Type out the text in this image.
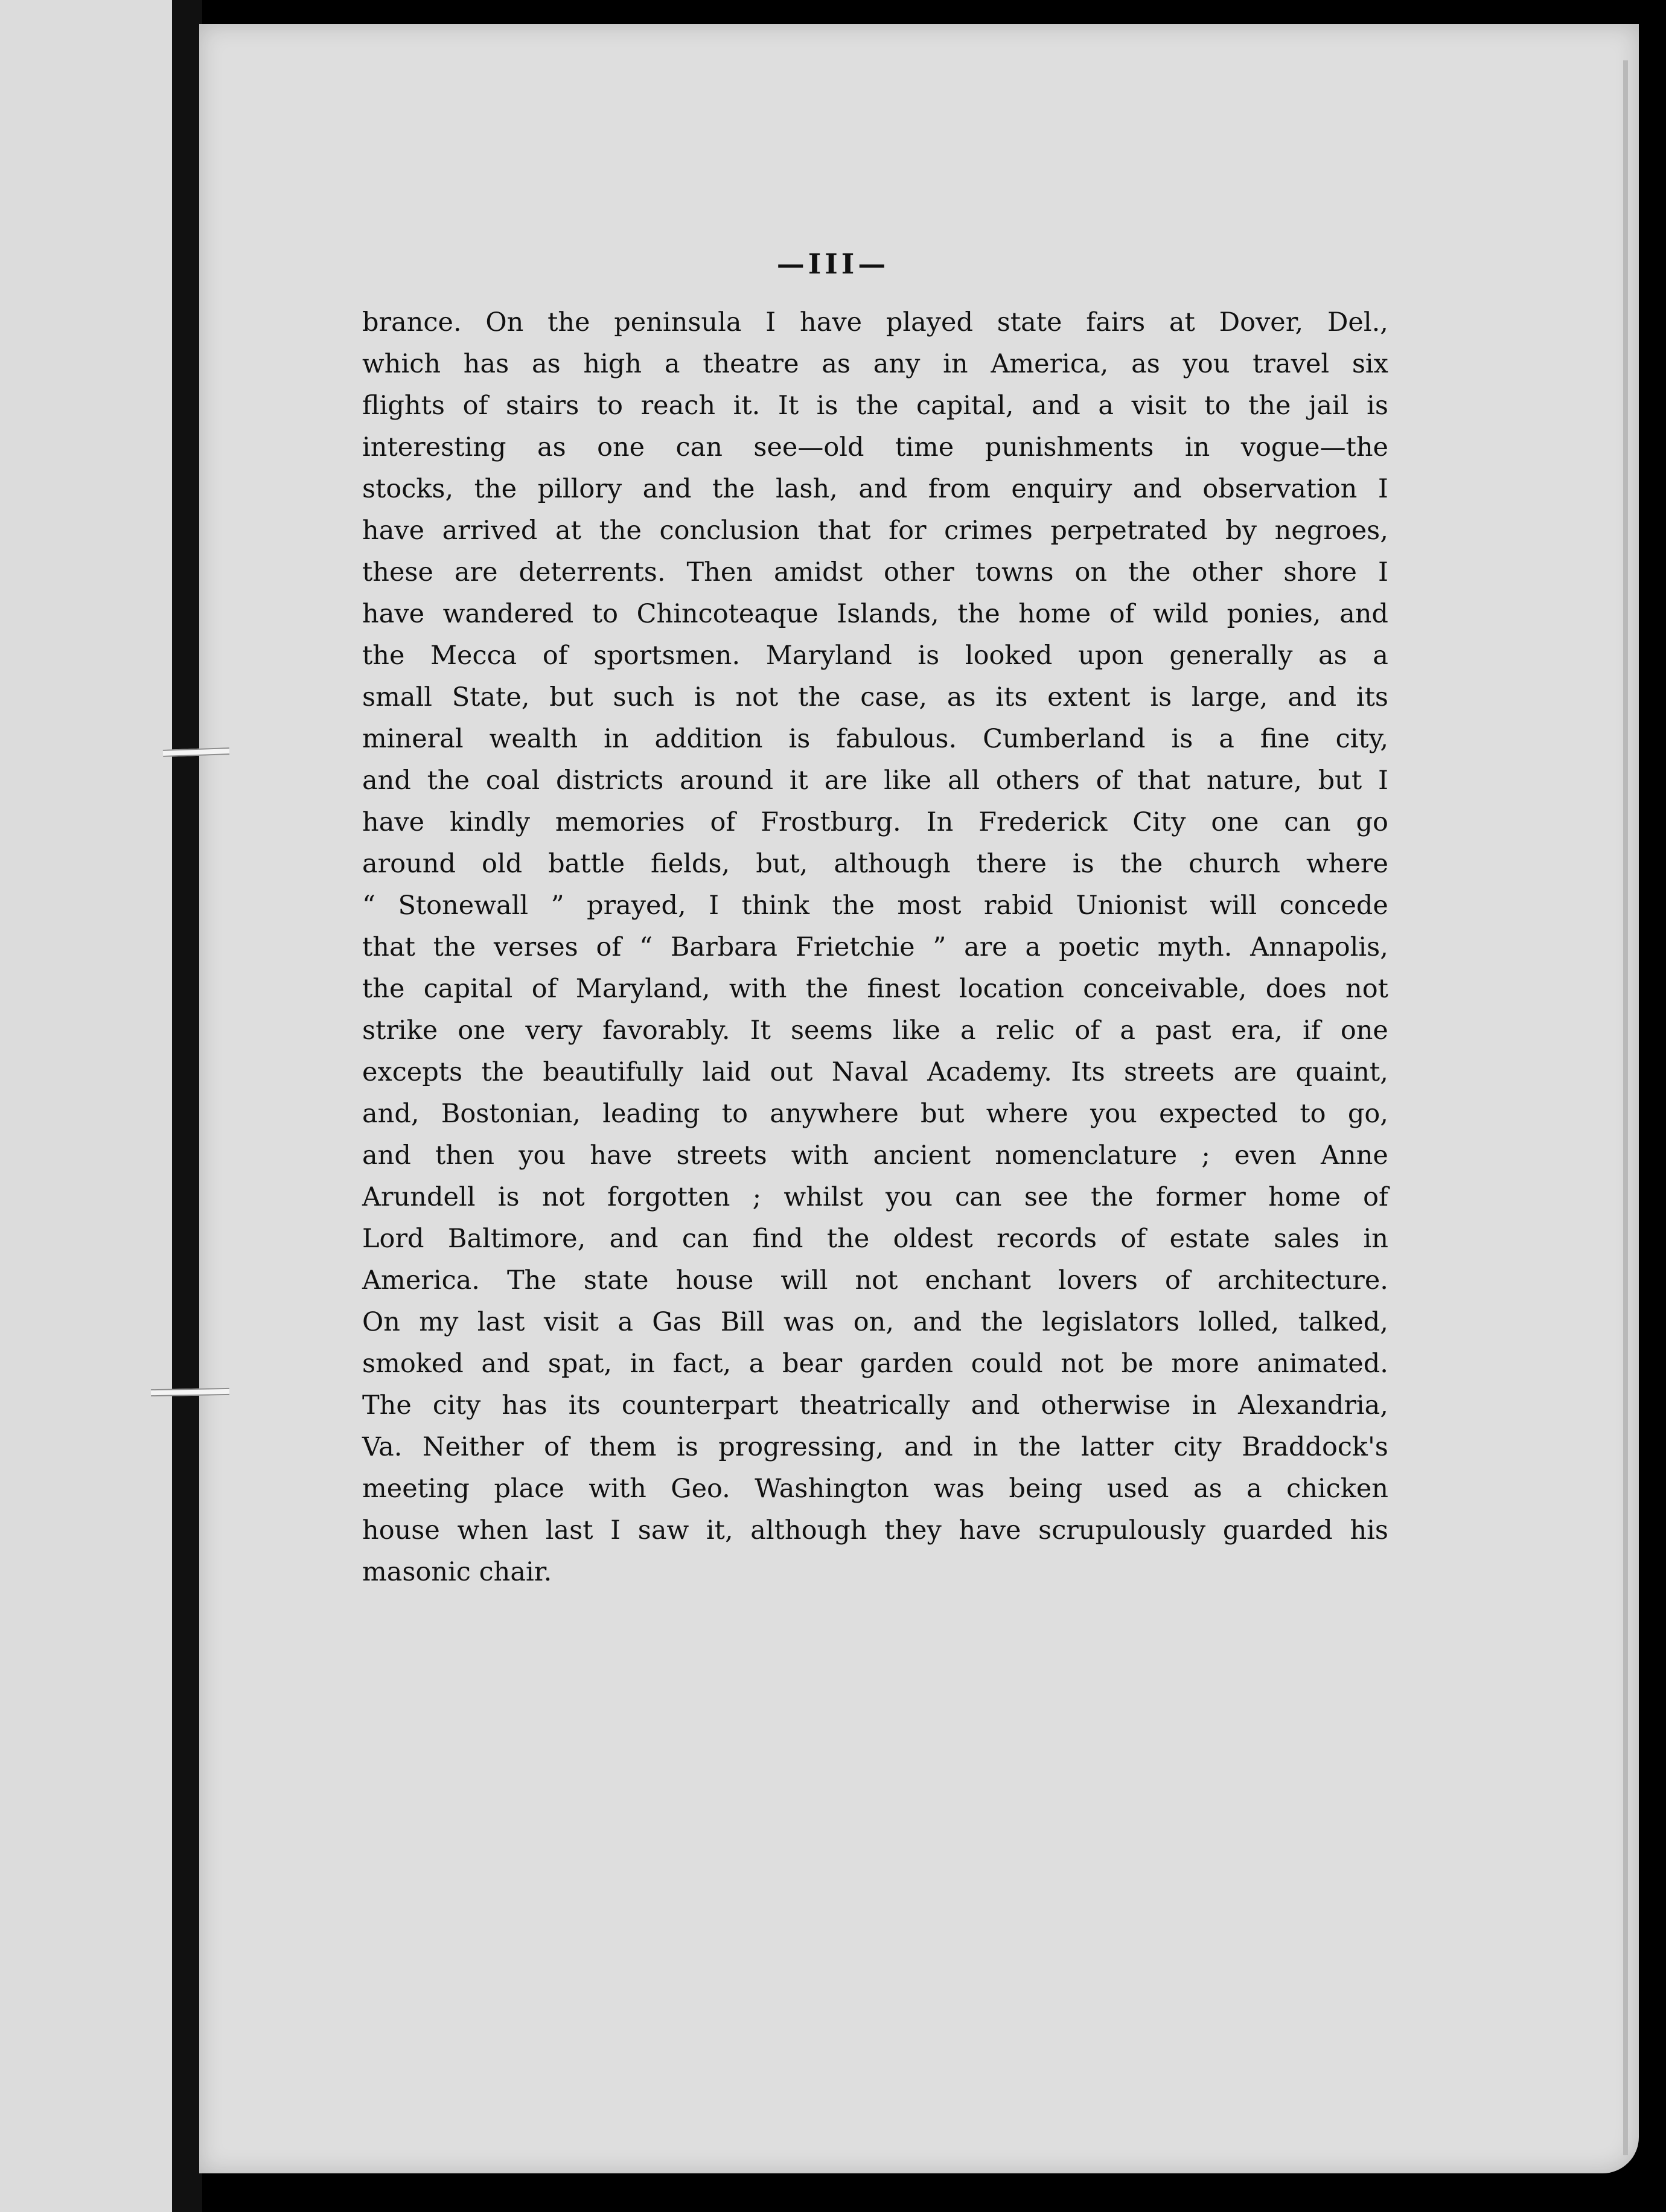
—III—
brance. On the peninsula I have played state fairs at Dover, Del.,
which has as high a theatre as any in America, as you travel six
flights of stairs to reach it. It is the capital, and a visit to the jail is
interesting as one can see—old time punishments in vogue—the
stocks, the pillory and the lash, and from enquiry and observation I
have arrived at the conclusion that for crimes perpetrated by negroes,
these are deterrents. Then amidst other towns on the other shore I
have wandered to Chincoteaque Islands, the home of wild ponies, and
the Mecca of sportsmen. Maryland is looked upon generally as a
small State, but such is not the case, as its extent is large, and its
mineral wealth in addition is fabulous. Cumberland is a fine city,
and the coal districts around it are like all others of that nature, but I
have kindly memories of Frostburg. In Frederick City one can go
around old battle fields, but, although there is the church where
“ Stonewall ” prayed, I think the most rabid Unionist will concede
that the verses of “ Barbara Frietchie ” are a poetic myth. Annapolis,
the capital of Maryland, with the finest location conceivable, does not
strike one very favorably. It seems like a relic of a past era, if one
excepts the beautifully laid out Naval Academy. Its streets are quaint,
and, Bostonian, leading to anywhere but where you expected to go,
and then you have streets with ancient nomenclature ; even Anne
Arundell is not forgotten ; whilst you can see the former home of
Lord Baltimore, and can find the oldest records of estate sales in
America. The state house will not enchant lovers of architecture.
On my last visit a Gas Bill was on, and the legislators lolled, talked,
smoked and spat, in fact, a bear garden could not be more animated.
The city has its counterpart theatrically and otherwise in Alexandria,
Va. Neither of them is progressing, and in the latter city Braddock's
meeting place with Geo. Washington was being used as a chicken
house when last I saw it, although they have scrupulously guarded his
masonic
chair.
